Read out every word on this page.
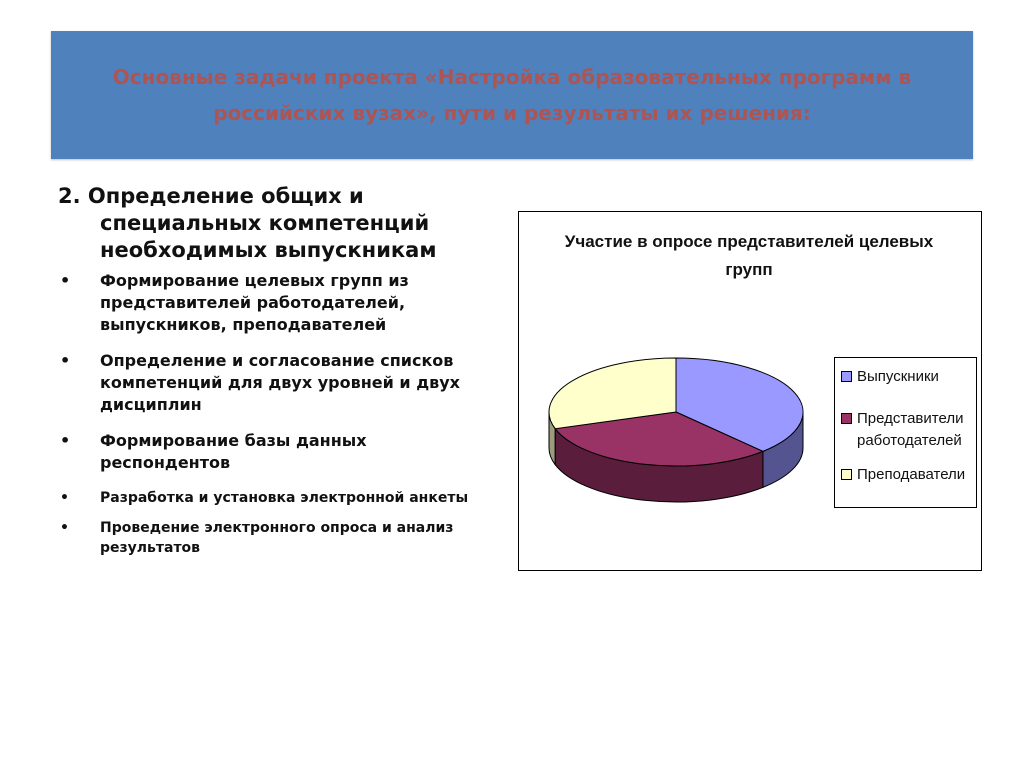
Основные задачи проекта «Настройка образовательных программ в российских вузах», пути и результаты их решения:
2. Определение общих и специальных компетенций необходимых выпускникам
• Формирование целевых групп из представителей работодателей, выпускников, преподавателей
• Определение и согласование списков компетенций для двух уровней и двух дисциплин
• Формирование базы данных респондентов
• Разработка и установка электронной анкеты
• Проведение электронного опроса и анализ результатов
Участие в опросе представителей целевых групп
Выпускники
Представители работодателей
Преподаватели
